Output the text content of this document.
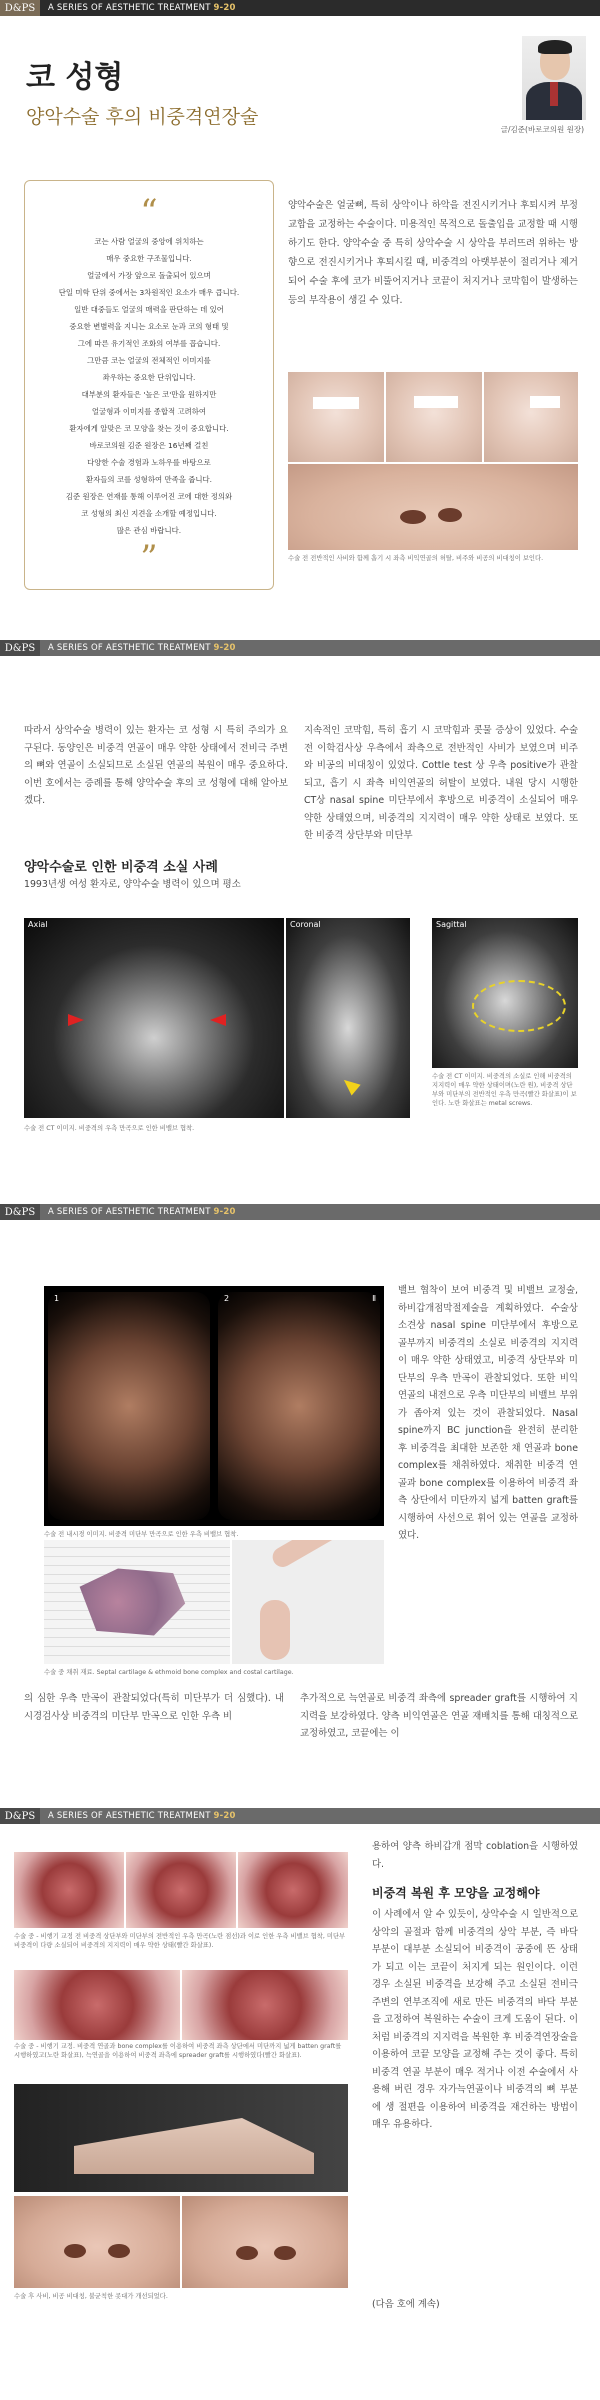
D&PS	A SERIES OF AESTHETIC TREATMENT 9-20
코 성형
양악수술 후의 비중격연장술
글/김준(바로코의원 원장)
“
코는 사람 얼굴의 중앙에 위치하는
매우 중요한 구조물입니다.
얼굴에서 가장 앞으로 돌출되어 있으며
단일 미학 단위 중에서는 3차원적인 요소가 매우 큽니다.
일반 대중들도 얼굴의 매력을 판단하는 데 있어
중요한 변별력을 지니는 요소로 눈과 코의 형태 및
그에 따른 유기적인 조화의 여부를 꼽습니다.
그만큼 코는 얼굴의 전체적인 이미지를
좌우하는 중요한 단위입니다.
대부분의 환자들은 '높은 코'만을 원하지만
얼굴형과 이미지를 종합적 고려하여
환자에게 알맞은 코 모양을 찾는 것이 중요합니다.
바로코의원 김준 원장은 16년째 걸친
다양한 수술 경험과 노하우를 바탕으로
환자들의 코를 성형하여 만족을 줍니다.
김준 원장은 연재를 통해 이루어진 코에 대한 정의와
코 성형의 최신 지견을 소개할 예정입니다.
많은 관심 바랍니다.
”
양악수술은 얼굴뼈, 특히 상악이나 하악을 전진시키거나 후퇴시켜 부정교합을 교정하는 수술이다. 미용적인 목적으로 돌출입을 교정할 때 시행하기도 한다. 양악수술 중 특히 상악수술 시 상악을 부러뜨려 위하는 방향으로 전진시키거나 후퇴시킬 때, 비중격의 아랫부분이 절리거나 제거되어 수술 후에 코가 비뚤어지거나 코끝이 처지거나 코막힘이 발생하는 등의 부작용이 생길 수 있다.
수술 전 전반적인 사비와 함께 흡기 시 좌측 비익연골의 허탈, 비주와 비공의 비대칭이 보인다.
D&PS	A SERIES OF AESTHETIC TREATMENT 9-20
따라서 상악수술 병력이 있는 환자는 코 성형 시 특히 주의가 요구된다. 동양인은 비중격 연골이 매우 약한 상태에서 전비극 주변의 뼈와 연골이 소실되므로 소실된 연골의 복원이 매우 중요하다. 이번 호에서는 증례를 통해 양악수술 후의 코 성형에 대해 알아보겠다.
양악수술로 인한 비중격 소실 사례
1993년생 여성 환자로, 양악수술 병력이 있으며 평소
지속적인 코막힘, 특히 흡기 시 코막힘과 콧물 증상이 있었다. 수술 전 이학검사상 우측에서 좌측으로 전반적인 사비가 보였으며 비주와 비공의 비대칭이 있었다. Cottle test 상 우측 positive가 관찰되고, 흡기 시 좌측 비익연골의 허탈이 보였다. 내원 당시 시행한 CT상 nasal spine 미단부에서 후방으로 비중격이 소실되어 매우 약한 상태였으며, 비중격의 지지력이 매우 약한 상태로 보였다. 또한 비중격 상단부와 미단부
Axial	Coronal	Sagittal
수술 전 CT 이미지. 비중격의 우측 만곡으로 인한 비밸브 협착.
수술 전 CT 이미지. 비중격의 소실로 인해 비중격의 지지력이 매우 약한 상태이며(노란 원), 비중격 상단부와 미단부의 전반적인 우측 만곡(빨간 화살표)이 보인다. 노란 화살표는 metal screws.
D&PS	A SERIES OF AESTHETIC TREATMENT 9-20
1	2	Ⅱ
수술 전 내시경 이미지. 비중격 미단부 만곡으로 인한 우측 비밸브 협착.
수술 중 채취 재료. Septal cartilage & ethmoid bone complex and costal cartilage.
밸브 협착이 보여 비중격 및 비밸브 교정술, 하비갑개점막절제술을 계획하였다. 수술상 소견상 nasal spine 미단부에서 후방으로 골부까지 비중격의 소실로 비중격의 지지력이 매우 약한 상태였고, 비중격 상단부와 미단부의 우측 만곡이 관찰되었다. 또한 비익연골의 내전으로 우측 미단부의 비밸브 부위가 좁아져 있는 것이 관찰되었다. Nasal spine까지 BC junction을 완전히 분리한 후 비중격을 최대한 보존한 채 연골과 bone complex를 채취하였다. 채취한 비중격 연골과 bone complex를 이용하여 비중격 좌측 상단에서 미단까지 넓게 batten graft를 시행하여 사선으로 휘어 있는 연골을 교정하였다.
의 심한 우측 만곡이 관찰되었다(특히 미단부가 더 심했다). 내시경검사상 비중격의 미단부 만곡으로 인한 우측 비
추가적으로 늑연골로 비중격 좌측에 spreader graft를 시행하여 지지력을 보강하였다. 양측 비익연골은 연골 재배치를 통해 대칭적으로 교정하였고, 코끝에는 이
D&PS	A SERIES OF AESTHETIC TREATMENT 9-20
수술 중 - 비행기 교정 전 비중격 상단부와 미단부의 전반적인 우측 만곡(노란 점선)과 이로 인한 우측 비밸브 협착, 미단부 비중격이 다량 소실되어 비중격의 지지력이 매우 약한 상태(빨간 화살표).
수술 중 - 비행기 교정. 비중격 연골과 bone complex를 이용하여 비중격 좌측 상단에서 미단까지 넓게 batten graft를 시행하였고(노란 화살표), 늑연골을 이용하여 비중격 좌측에 spreader graft를 시행하였다(빨간 화살표).
수술 후 사비, 비공 비대칭, 불균칙한 콧대가 개선되었다.
용하여 양측 하비갑개 점막 coblation을 시행하였다.
비중격 복원 후 모양을 교정해야
이 사례에서 알 수 있듯이, 상악수술 시 일반적으로 상악의 골절과 함께 비중격의 상악 부분, 즉 바닥 부분이 대부분 소실되어 비중격이 공중에 뜬 상태가 되고 이는 코끝이 처지게 되는 원인이다. 이런 경우 소실된 비중격을 보강해 주고 소실된 전비극 주변의 연부조직에 새로 만든 비중격의 바닥 부분을 고정하여 복원하는 수술이 크게 도움이 된다. 이처럼 비중격의 지지력을 복원한 후 비중격연장술을 이용하여 코끝 모양을 교정해 주는 것이 좋다. 특히 비중격 연골 부분이 매우 적거나 이전 수술에서 사용해 버린 경우 자가늑연골이나 비중격의 뼈 부분에 생 절편을 이용하여 비중격을 재건하는 방법이 매우 유용하다.
(다음 호에 계속)
